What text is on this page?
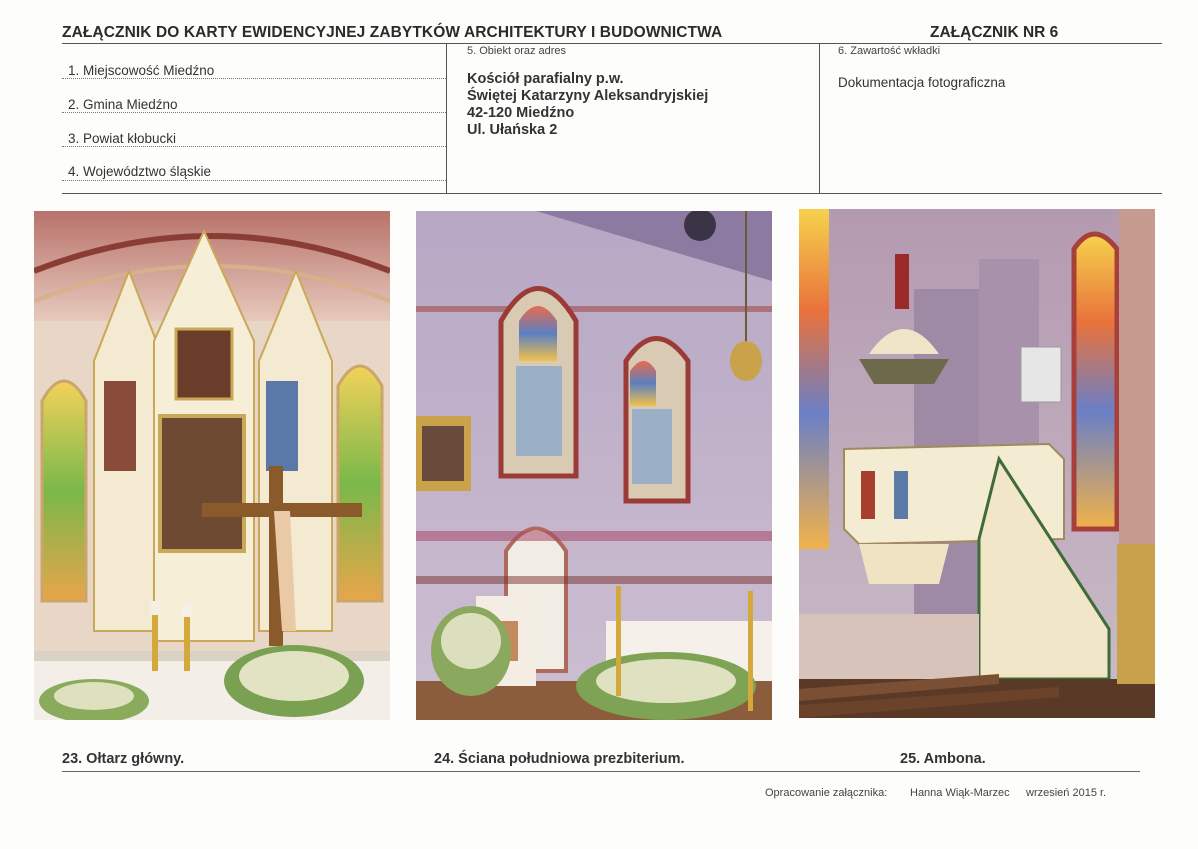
ZAŁĄCZNIK DO KARTY EWIDENCYJNEJ ZABYTKÓW ARCHITEKTURY I BUDOWNICTWA	ZAŁĄCZNIK NR 6
1. Miejscowość Miedźno
2. Gmina Miedźno
3. Powiat kłobucki
4. Województwo śląskie
5. Obiekt oraz adres
Kościół parafialny p.w.
Świętej Katarzyny Aleksandryjskiej
42-120 Miedźno
Ul. Ułańska 2
6. Zawartość wkładki
Dokumentacja fotograficzna
23. Ołtarz główny.	24. Ściana południowa prezbiterium.	25. Ambona.
Opracowanie załącznika: Hanna Wiąk-Marzec wrzesień 2015 r.
